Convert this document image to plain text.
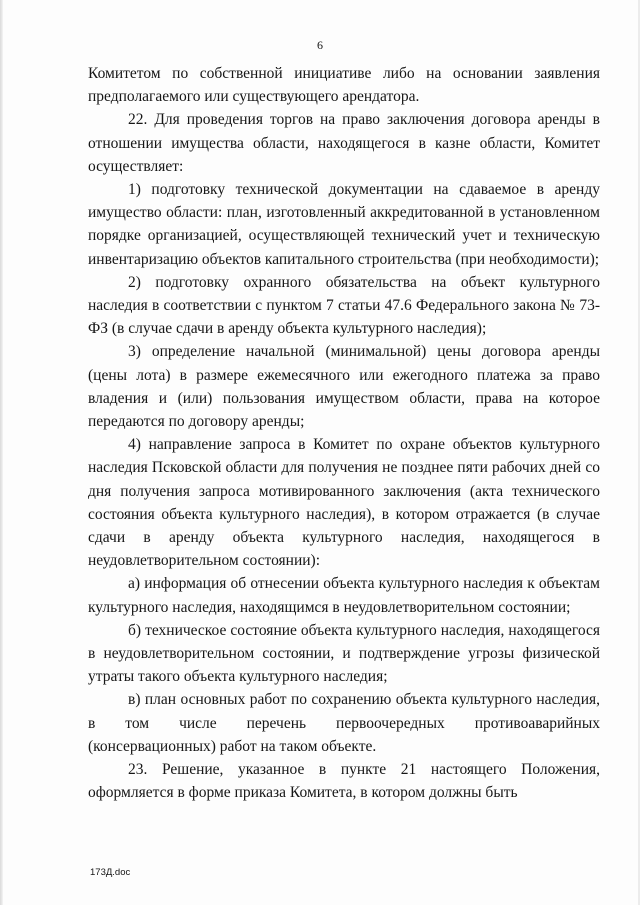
6

Комитетом по собственной инициативе либо на основании заявления предполагаемого или существующего арендатора.

22. Для проведения торгов на право заключения договора аренды в отношении имущества области, находящегося в казне области, Комитет осуществляет:

1) подготовку технической документации на сдаваемое в аренду имущество области: план, изготовленный аккредитованной в установленном порядке организацией, осуществляющей технический учет и техническую инвентаризацию объектов капитального строительства (при необходимости);

2) подготовку охранного обязательства на объект культурного наследия в соответствии с пунктом 7 статьи 47.6 Федерального закона № 73-ФЗ (в случае сдачи в аренду объекта культурного наследия);

3) определение начальной (минимальной) цены договора аренды (цены лота) в размере ежемесячного или ежегодного платежа за право владения и (или) пользования имуществом области, права на которое передаются по договору аренды;

4) направление запроса в Комитет по охране объектов культурного наследия Псковской области для получения не позднее пяти рабочих дней со дня получения запроса мотивированного заключения (акта технического состояния объекта культурного наследия), в котором отражается (в случае сдачи в аренду объекта культурного наследия, находящегося в неудовлетворительном состоянии):

а) информация об отнесении объекта культурного наследия к объектам культурного наследия, находящимся в неудовлетворительном состоянии;

б) техническое состояние объекта культурного наследия, находящегося в неудовлетворительном состоянии, и подтверждение угрозы физической утраты такого объекта культурного наследия;

в) план основных работ по сохранению объекта культурного наследия, в том числе перечень первоочередных противоаварийных (консервационных) работ на таком объекте.

23. Решение, указанное в пункте 21 настоящего Положения, оформляется в форме приказа Комитета, в котором должны быть

173Д.doc
